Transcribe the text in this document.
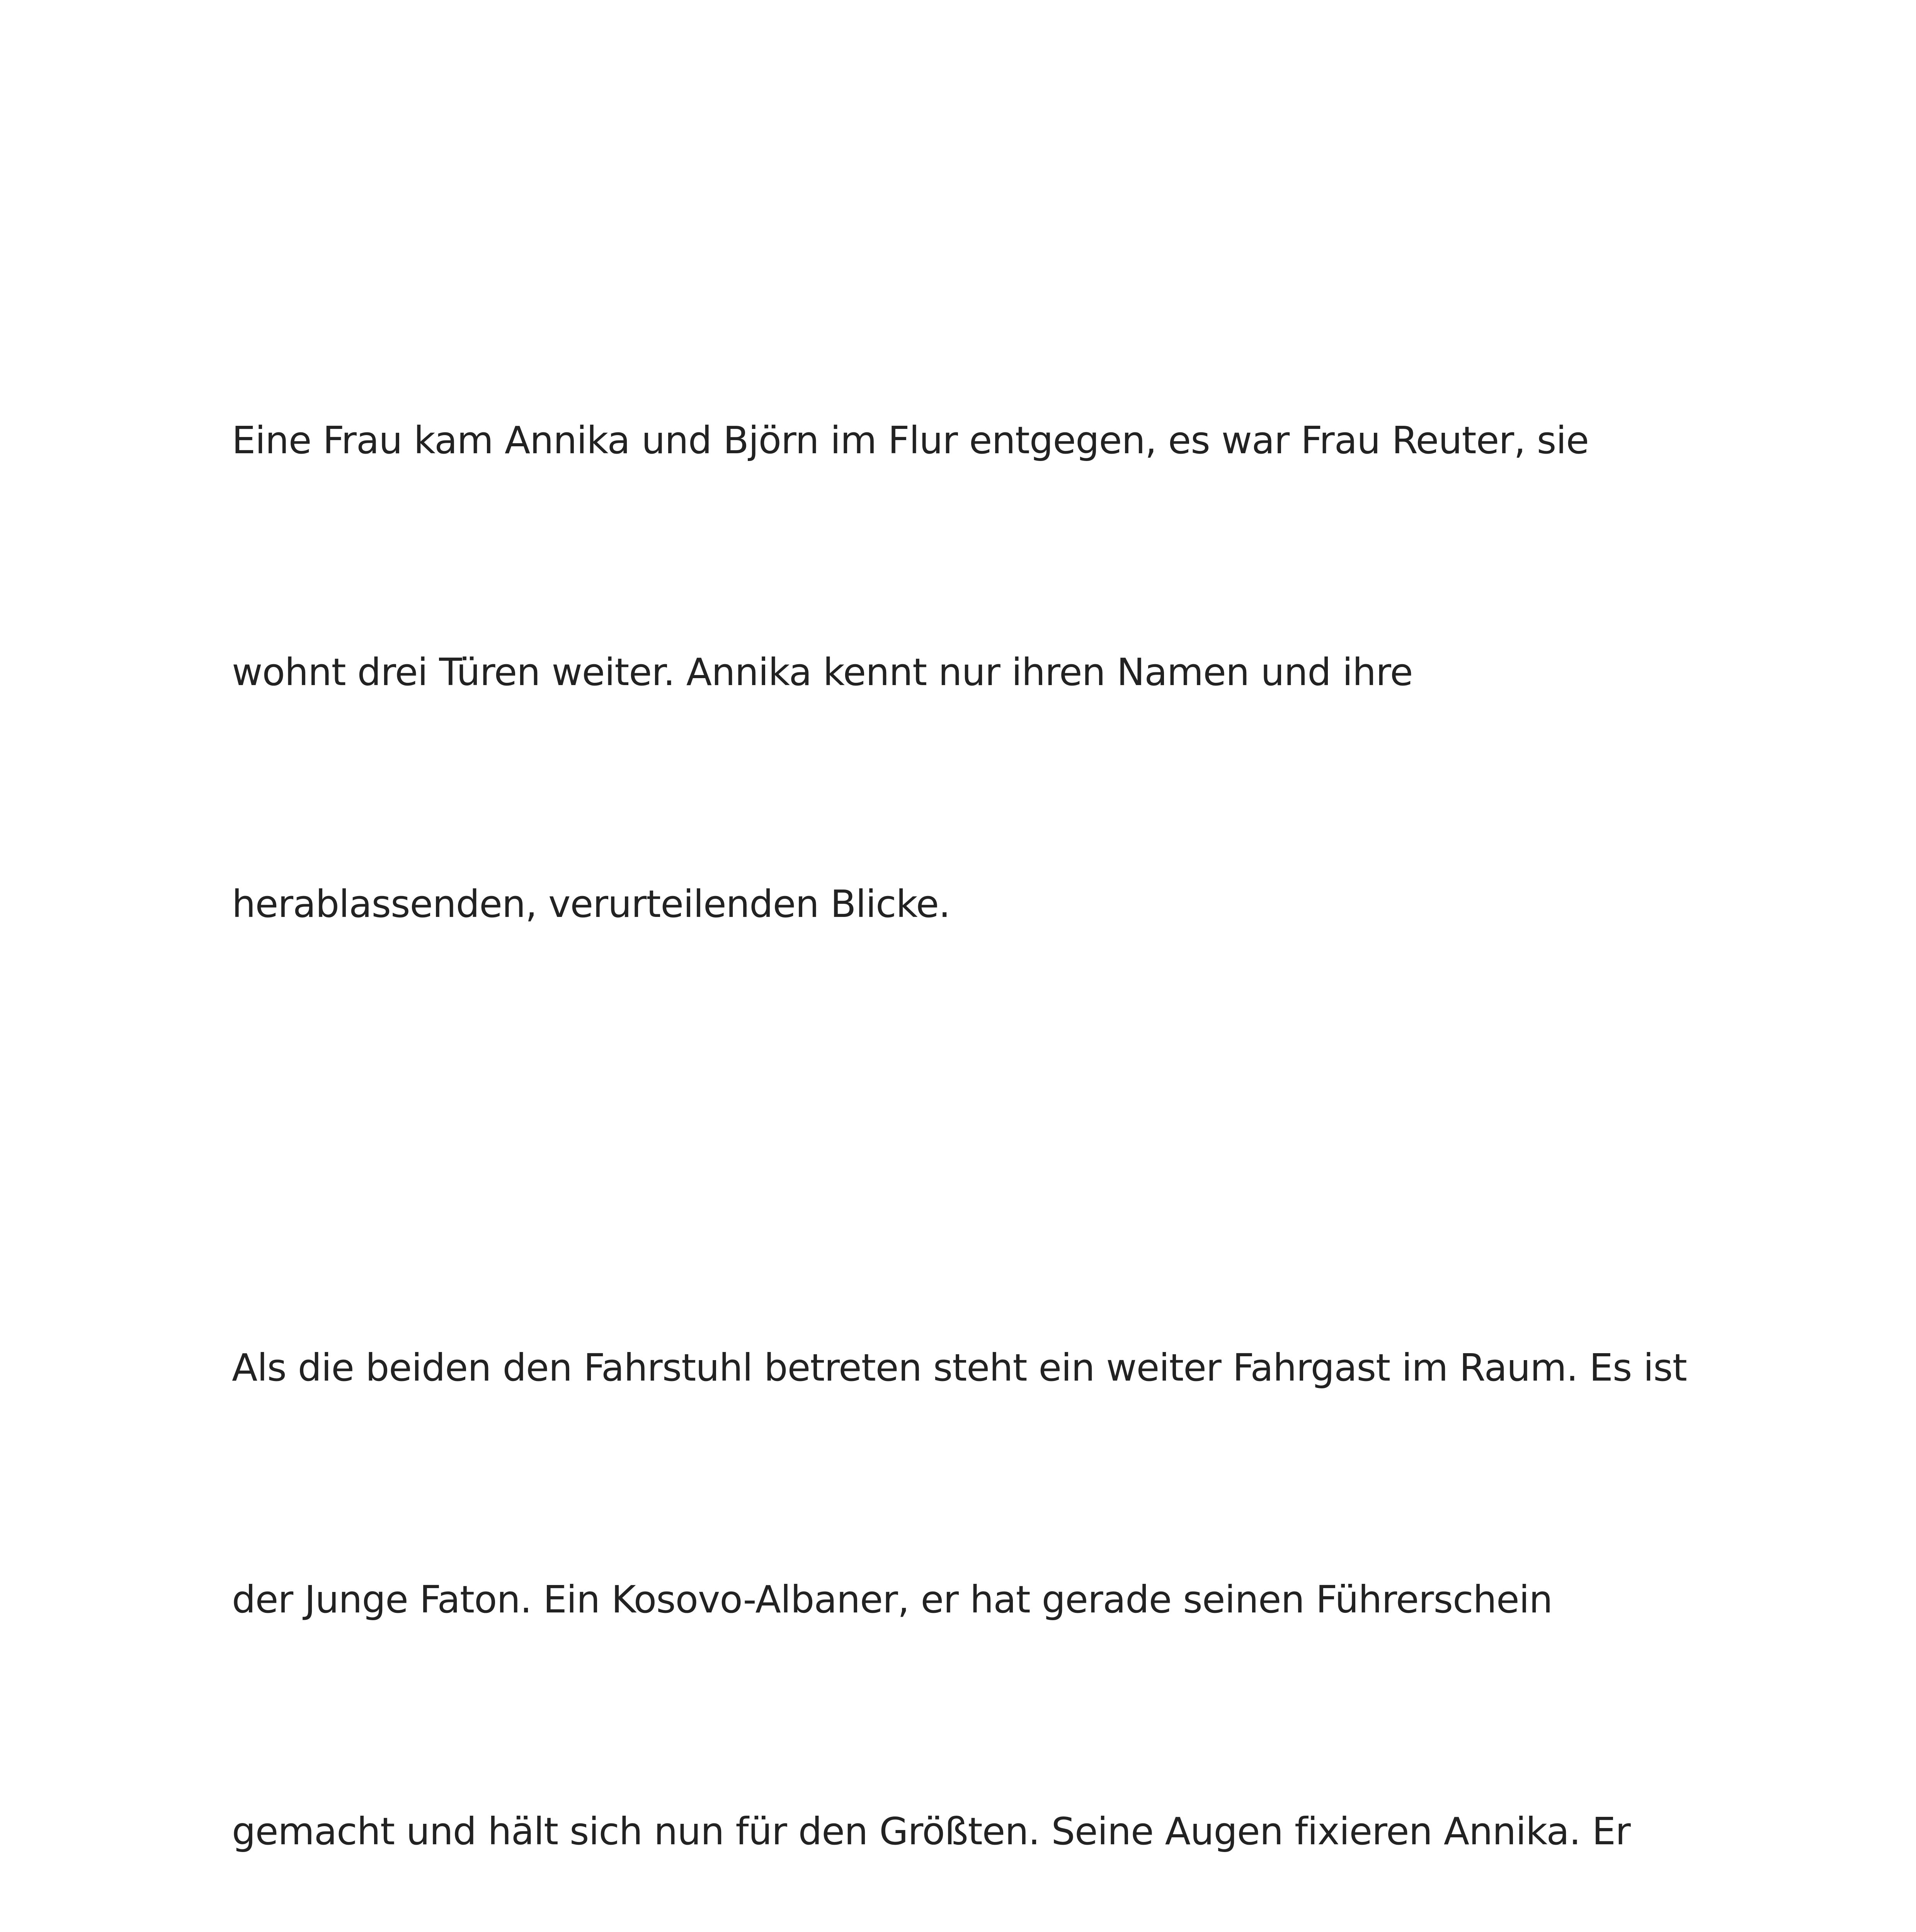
Eine Frau kam Annika und Björn im Flur entgegen, es war Frau Reuter, sie

wohnt drei Türen weiter. Annika kennt nur ihren Namen und ihre

herablassenden, verurteilenden Blicke.

Als die beiden den Fahrstuhl betreten steht ein weiter Fahrgast im Raum. Es ist

der Junge Faton. Ein Kosovo-Albaner, er hat gerade seinen Führerschein

gemacht und hält sich nun für den Größten. Seine Augen fixieren Annika. Er
